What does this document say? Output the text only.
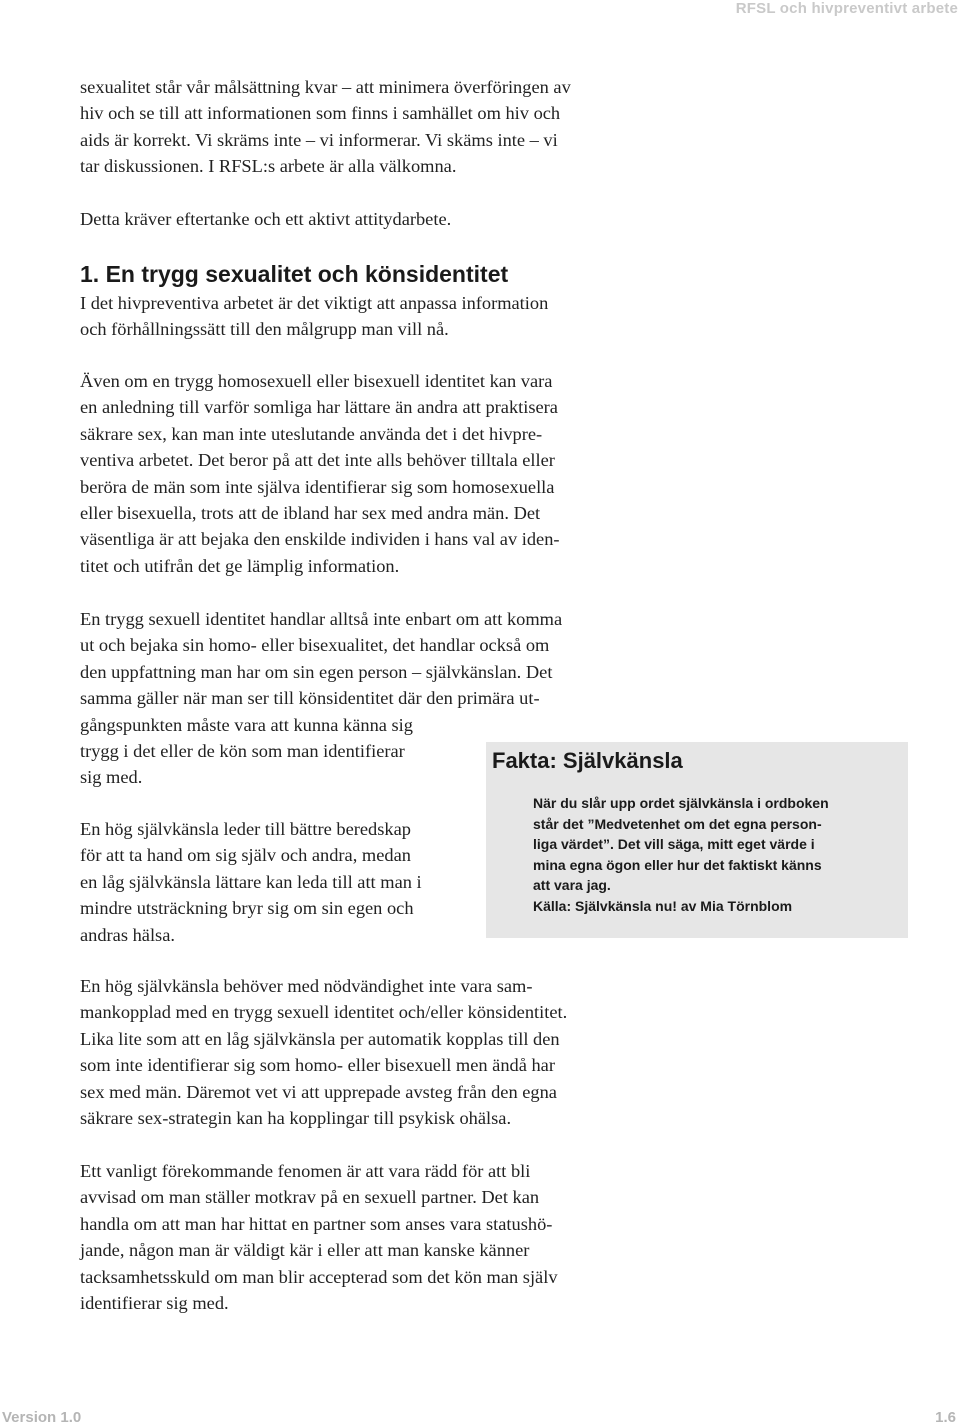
RFSL och hivpreventivt arbete
sexualitet står vår målsättning kvar – att minimera överföringen av
hiv och se till att informationen som finns i samhället om hiv och
aids är korrekt. Vi skräms inte – vi informerar. Vi skäms inte – vi
tar diskussionen. I RFSL:s arbete är alla välkomna.
Detta kräver eftertanke och ett aktivt attitydarbete.
1. En trygg sexualitet och könsidentitet
I det hivpreventiva arbetet är det viktigt att anpassa information
och förhållningssätt till den målgrupp man vill nå.
Även om en trygg homosexuell eller bisexuell identitet kan vara
en anledning till varför somliga har lättare än andra att praktisera
säkrare sex, kan man inte uteslutande använda det i det hivpre-
ventiva arbetet. Det beror på att det inte alls behöver tilltala eller
beröra de män som inte själva identifierar sig som homosexuella
eller bisexuella, trots att de ibland har sex med andra män. Det
väsentliga är att bejaka den enskilde individen i hans val av iden-
titet och utifrån det ge lämplig information.
En trygg sexuell identitet handlar alltså inte enbart om att komma
ut och bejaka sin homo- eller bisexualitet, det handlar också om
den uppfattning man har om sin egen person – självkänslan. Det
samma gäller när man ser till könsidentitet där den primära ut-
gångspunkten måste vara att kunna känna sig
trygg i det eller de kön som man identifierar
sig med.
En hög självkänsla leder till bättre beredskap
för att ta hand om sig själv och andra, medan
en låg självkänsla lättare kan leda till att man i
mindre utsträckning bryr sig om sin egen och
andras hälsa.
Fakta: Självkänsla
När du slår upp ordet självkänsla i ordboken
står det ”Medvetenhet om det egna person-
liga värdet”. Det vill säga, mitt eget värde i
mina egna ögon eller hur det faktiskt känns
att vara jag.
Källa: Självkänsla nu! av Mia Törnblom
En hög självkänsla behöver med nödvändighet inte vara sam-
mankopplad med en trygg sexuell identitet och/eller könsidentitet.
Lika lite som att en låg självkänsla per automatik kopplas till den
som inte identifierar sig som homo- eller bisexuell men ändå har
sex med män. Däremot vet vi att upprepade avsteg från den egna
säkrare sex-strategin kan ha kopplingar till psykisk ohälsa.
Ett vanligt förekommande fenomen är att vara rädd för att bli
avvisad om man ställer motkrav på en sexuell partner. Det kan
handla om att man har hittat en partner som anses vara statushö-
jande, någon man är väldigt kär i eller att man kanske känner
tacksamhetsskuld om man blir accepterad som det kön man själv
identifierar sig med.
Version 1.0	1.6
